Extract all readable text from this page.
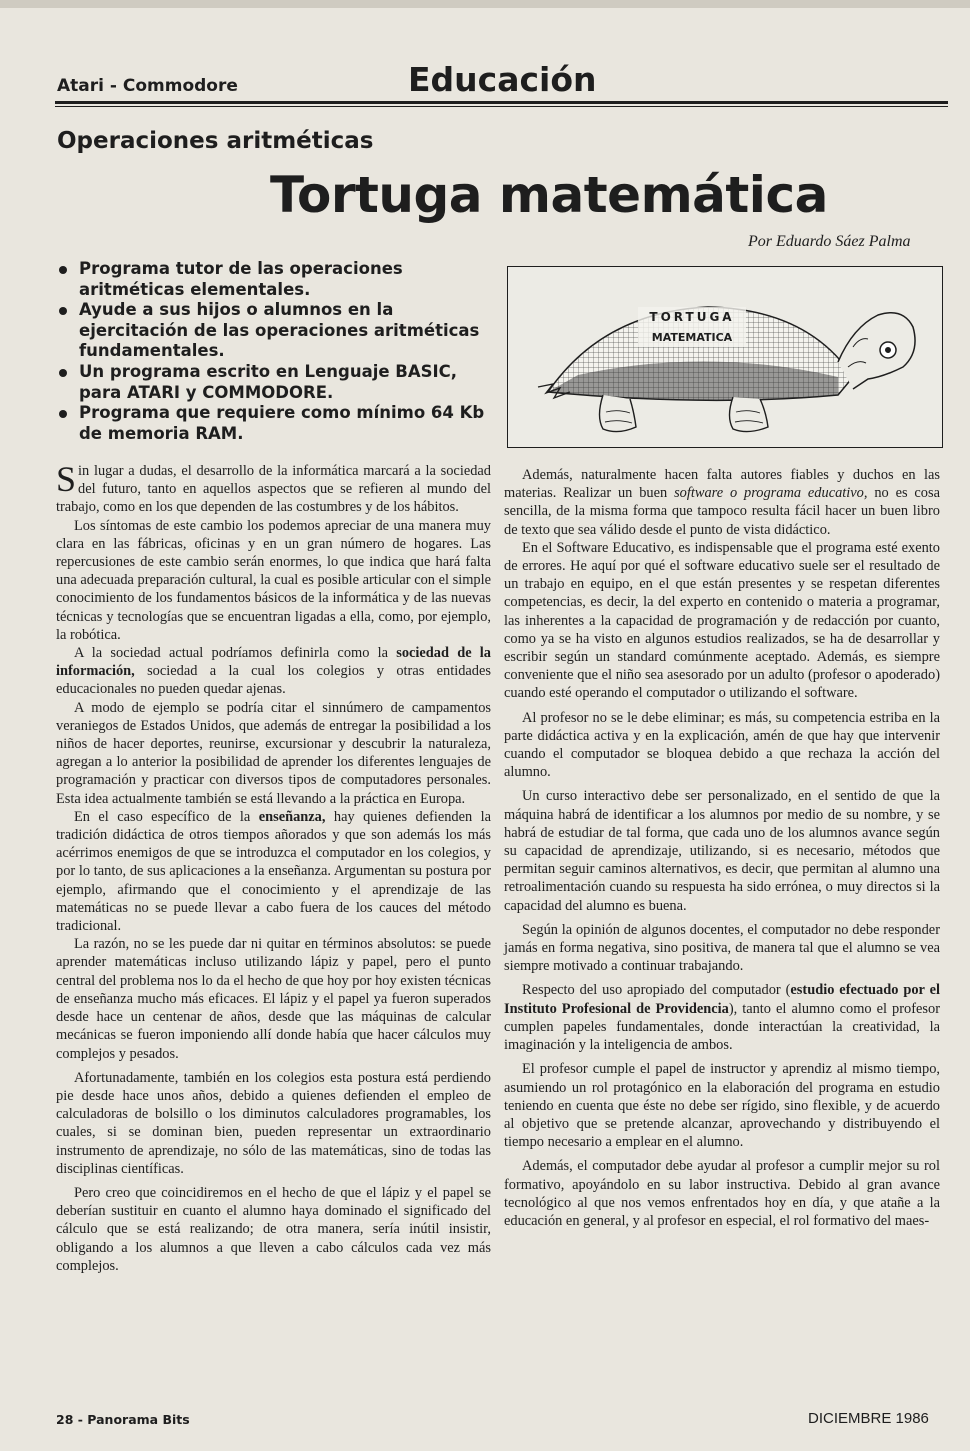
Atari - Commodore	Educación
Operaciones aritméticas
Tortuga matemática
Por Eduardo Sáez Palma
Programa tutor de las operaciones aritméticas elementales.
Ayude a sus hijos o alumnos en la ejercitación de las operaciones aritméticas fundamentales.
Un programa escrito en Lenguaje BASIC, para ATARI y COMMODORE.
Programa que requiere como mínimo 64 Kb de memoria RAM.
TORTUGA
MATEMATICA

Sin lugar a dudas, el desarrollo de la informática marcará a la sociedad del futuro, tanto en aquellos aspectos que se refieren al mundo del trabajo, como en los que dependen de las costumbres y de los hábitos.

Los síntomas de este cambio los podemos apreciar de una manera muy clara en las fábricas, oficinas y en un gran número de hogares. Las repercusiones de este cambio serán enormes, lo que indica que hará falta una adecuada preparación cultural, la cual es posible articular con el simple conocimiento de los fundamentos básicos de la informática y de las nuevas técnicas y tecnologías que se encuentran ligadas a ella, como, por ejemplo, la robótica.

A la sociedad actual podríamos definirla como la sociedad de la información, sociedad a la cual los colegios y otras entidades educacionales no pueden quedar ajenas.

A modo de ejemplo se podría citar el sinnúmero de campamentos veraniegos de Estados Unidos, que además de entregar la posibilidad a los niños de hacer deportes, reunirse, excursionar y descubrir la naturaleza, agregan a lo anterior la posibilidad de aprender los diferentes lenguajes de programación y practicar con diversos tipos de computadores personales. Esta idea actualmente también se está llevando a la práctica en Europa.

En el caso específico de la enseñanza, hay quienes defienden la tradición didáctica de otros tiempos añorados y que son además los más acérrimos enemigos de que se introduzca el computador en los colegios, y por lo tanto, de sus aplicaciones a la enseñanza. Argumentan su postura por ejemplo, afirmando que el conocimiento y el aprendizaje de las matemáticas no se puede llevar a cabo fuera de los cauces del método tradicional.

La razón, no se les puede dar ni quitar en términos absolutos: se puede aprender matemáticas incluso utilizando lápiz y papel, pero el punto central del problema nos lo da el hecho de que hoy por hoy existen técnicas de enseñanza mucho más eficaces. El lápiz y el papel ya fueron superados desde hace un centenar de años, desde que las máquinas de calcular mecánicas se fueron imponiendo allí donde había que hacer cálculos muy complejos y pesados.

Afortunadamente, también en los colegios esta postura está perdiendo pie desde hace unos años, debido a quienes defienden el empleo de calculadoras de bolsillo o los diminutos calculadores programables, los cuales, si se dominan bien, pueden representar un extraordinario instrumento de aprendizaje, no sólo de las matemáticas, sino de todas las disciplinas científicas.

Pero creo que coincidiremos en el hecho de que el lápiz y el papel se deberían sustituir en cuanto el alumno haya dominado el significado del cálculo que se está realizando; de otra manera, sería inútil insistir, obligando a los alumnos a que lleven a cabo cálculos cada vez más complejos.

Además, naturalmente hacen falta autores fiables y duchos en las materias. Realizar un buen software o programa educativo, no es cosa sencilla, de la misma forma que tampoco resulta fácil hacer un buen libro de texto que sea válido desde el punto de vista didáctico.

En el Software Educativo, es indispensable que el programa esté exento de errores. He aquí por qué el software educativo suele ser el resultado de un trabajo en equipo, en el que están presentes y se respetan diferentes competencias, es decir, la del experto en contenido o materia a programar, las inherentes a la capacidad de programación y de redacción por cuanto, como ya se ha visto en algunos estudios realizados, se ha de desarrollar y escribir según un standard comúnmente aceptado. Además, es siempre conveniente que el niño sea asesorado por un adulto (profesor o apoderado) cuando esté operando el computador o utilizando el software.

Al profesor no se le debe eliminar; es más, su competencia estriba en la parte didáctica activa y en la explicación, amén de que hay que intervenir cuando el computador se bloquea debido a que rechaza la acción del alumno.

Un curso interactivo debe ser personalizado, en el sentido de que la máquina habrá de identificar a los alumnos por medio de su nombre, y se habrá de estudiar de tal forma, que cada uno de los alumnos avance según su capacidad de aprendizaje, utilizando, si es necesario, métodos que permitan seguir caminos alternativos, es decir, que permitan al alumno una retroalimentación cuando su respuesta ha sido errónea, o muy directos si la capacidad del alumno es buena.

Según la opinión de algunos docentes, el computador no debe responder jamás en forma negativa, sino positiva, de manera tal que el alumno se vea siempre motivado a continuar trabajando.

Respecto del uso apropiado del computador (estudio efectuado por el Instituto Profesional de Providencia), tanto el alumno como el profesor cumplen papeles fundamentales, donde interactúan la creatividad, la imaginación y la inteligencia de ambos.

El profesor cumple el papel de instructor y aprendiz al mismo tiempo, asumiendo un rol protagónico en la elaboración del programa en estudio teniendo en cuenta que éste no debe ser rígido, sino flexible, y de acuerdo al objetivo que se pretende alcanzar, aprovechando y distribuyendo el tiempo necesario a emplear en el alumno.

Además, el computador debe ayudar al profesor a cumplir mejor su rol formativo, apoyándolo en su labor instructiva. Debido al gran avance tecnológico al que nos vemos enfrentados hoy en día, y que atañe a la educación en general, y al profesor en especial, el rol formativo del maes-

28 - Panorama Bits	DICIEMBRE 1986
